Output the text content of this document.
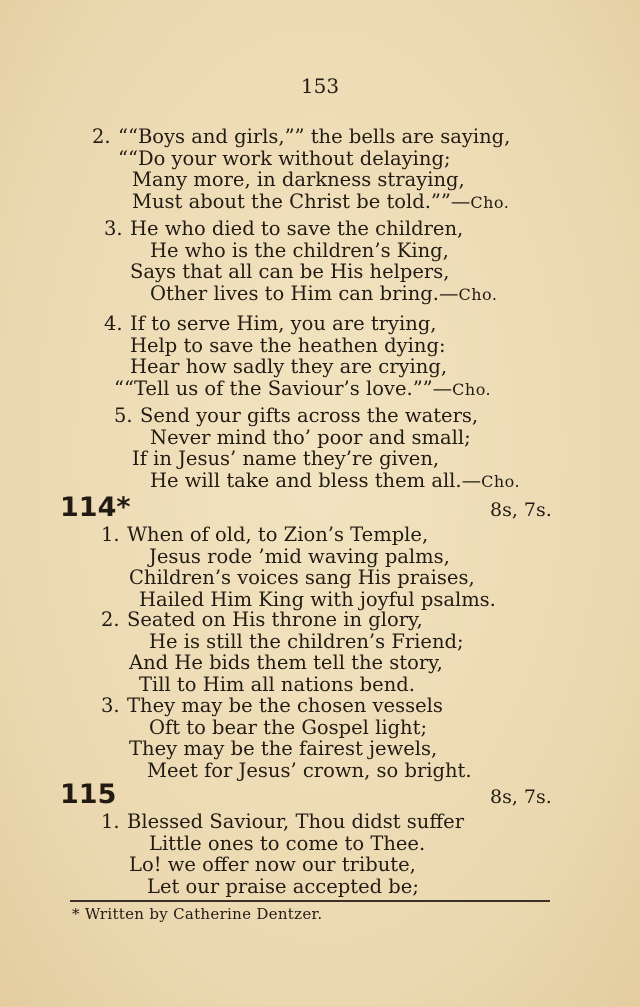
153
2. ““Boys and girls,”” the bells are saying,
““Do your work without delaying;
Many more, in darkness straying,
Must about the Christ be told.””—Cho.
3. He who died to save the children,
He who is the children’s King,
Says that all can be His helpers,
Other lives to Him can bring.—Cho.
4. If to serve Him, you are trying,
Help to save the heathen dying:
Hear how sadly they are crying,
““Tell us of the Saviour’s love.””—Cho.
5. Send your gifts across the waters,
Never mind tho’ poor and small;
If in Jesus’ name they’re given,
He will take and bless them all.—Cho.
114*	8s, 7s.
1. When of old, to Zion’s Temple,
Jesus rode ’mid waving palms,
Children’s voices sang His praises,
Hailed Him King with joyful psalms.
2. Seated on His throne in glory,
He is still the children’s Friend;
And He bids them tell the story,
Till to Him all nations bend.
3. They may be the chosen vessels
Oft to bear the Gospel light;
They may be the fairest jewels,
Meet for Jesus’ crown, so bright.
115	8s, 7s.
1. Blessed Saviour, Thou didst suffer
Little ones to come to Thee.
Lo! we offer now our tribute,
Let our praise accepted be;
* Written by Catherine Dentzer.
